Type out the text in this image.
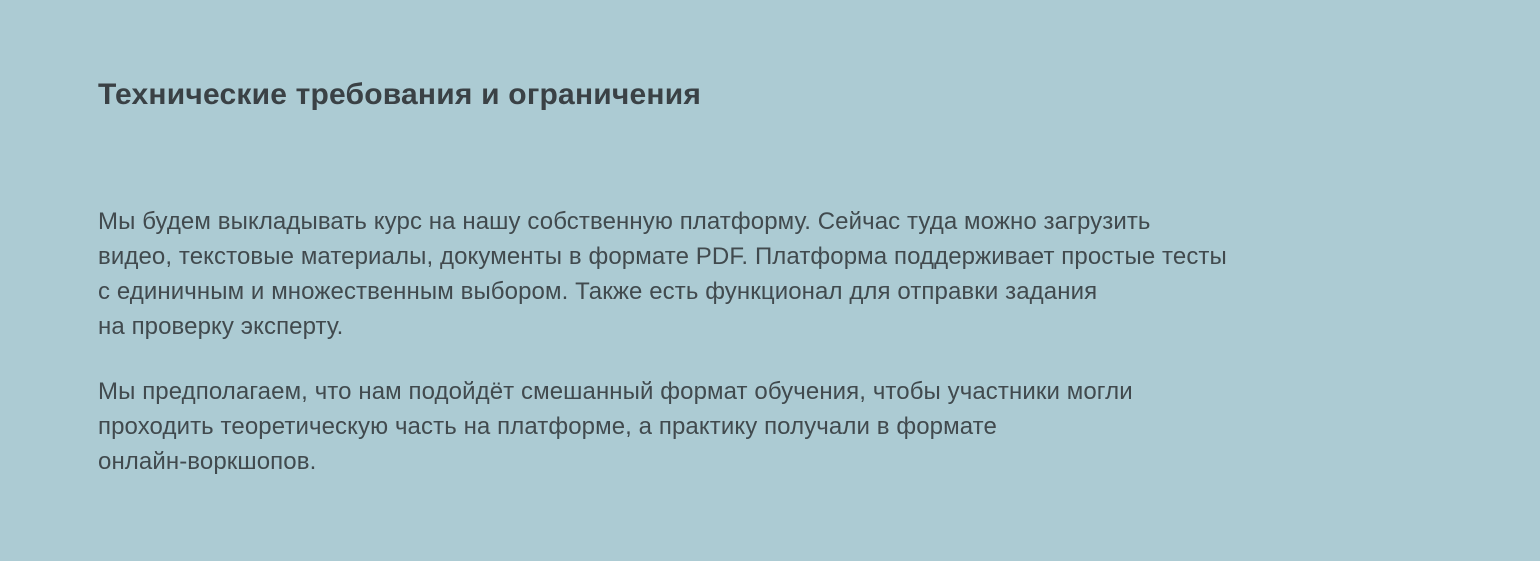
Технические требования и ограничения
Мы будем выкладывать курс на нашу собственную платформу. Сейчас туда можно загрузить
видео, текстовые материалы, документы в формате PDF. Платформа поддерживает простые тесты
с единичным и множественным выбором. Также есть функционал для отправки задания
на проверку эксперту.
Мы предполагаем, что нам подойдёт смешанный формат обучения, чтобы участники могли
проходить теоретическую часть на платформе, а практику получали в формате
онлайн-воркшопов.
